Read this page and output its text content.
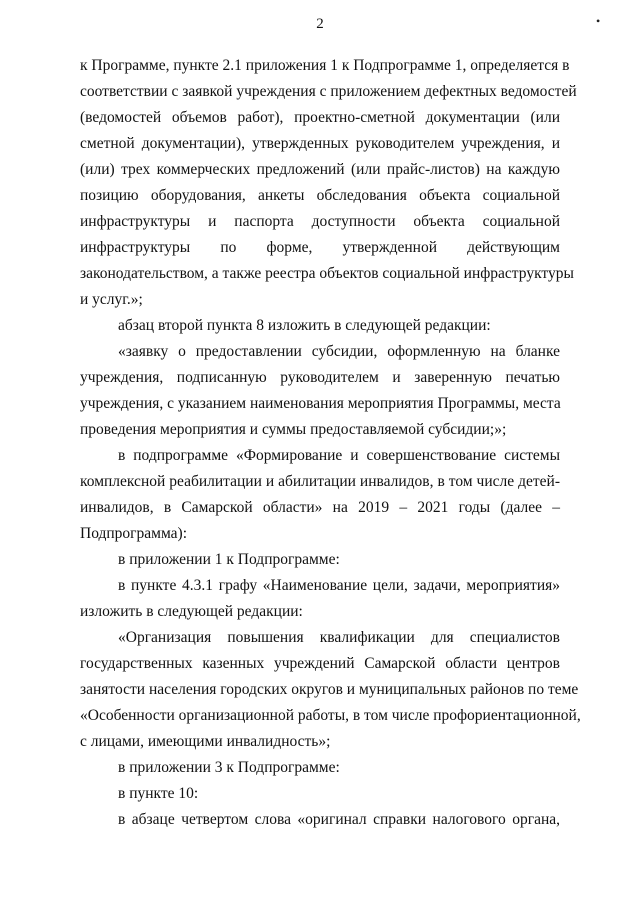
2	•
к Программе, пункте 2.1 приложения 1 к Подпрограмме 1, определяется в
соответствии с заявкой учреждения с приложением дефектных ведомостей
(ведомостей объемов работ), проектно-сметной документации (или
сметной документации), утвержденных руководителем учреждения, и
(или) трех коммерческих предложений (или прайс-листов) на каждую
позицию оборудования, анкеты обследования объекта социальной
инфраструктуры и паспорта доступности объекта социальной
инфраструктуры по форме, утвержденной действующим
законодательством, а также реестра объектов социальной инфраструктуры
и услуг.»;
абзац второй пункта 8 изложить в следующей редакции:
«заявку о предоставлении субсидии, оформленную на бланке
учреждения, подписанную руководителем и заверенную печатью
учреждения, с указанием наименования мероприятия Программы, места
проведения мероприятия и суммы предоставляемой субсидии;»;
в подпрограмме «Формирование и совершенствование системы
комплексной реабилитации и абилитации инвалидов, в том числе детей-
инвалидов, в Самарской области» на 2019 – 2021 годы (далее –
Подпрограмма):
в приложении 1 к Подпрограмме:
в пункте 4.3.1 графу «Наименование цели, задачи, мероприятия»
изложить в следующей редакции:
«Организация повышения квалификации для специалистов
государственных казенных учреждений Самарской области центров
занятости населения городских округов и муниципальных районов по теме
«Особенности организационной работы, в том числе профориентационной,
с лицами, имеющими инвалидность»;
в приложении 3 к Подпрограмме:
в пункте 10:
в абзаце четвертом слова «оригинал справки налогового органа,
